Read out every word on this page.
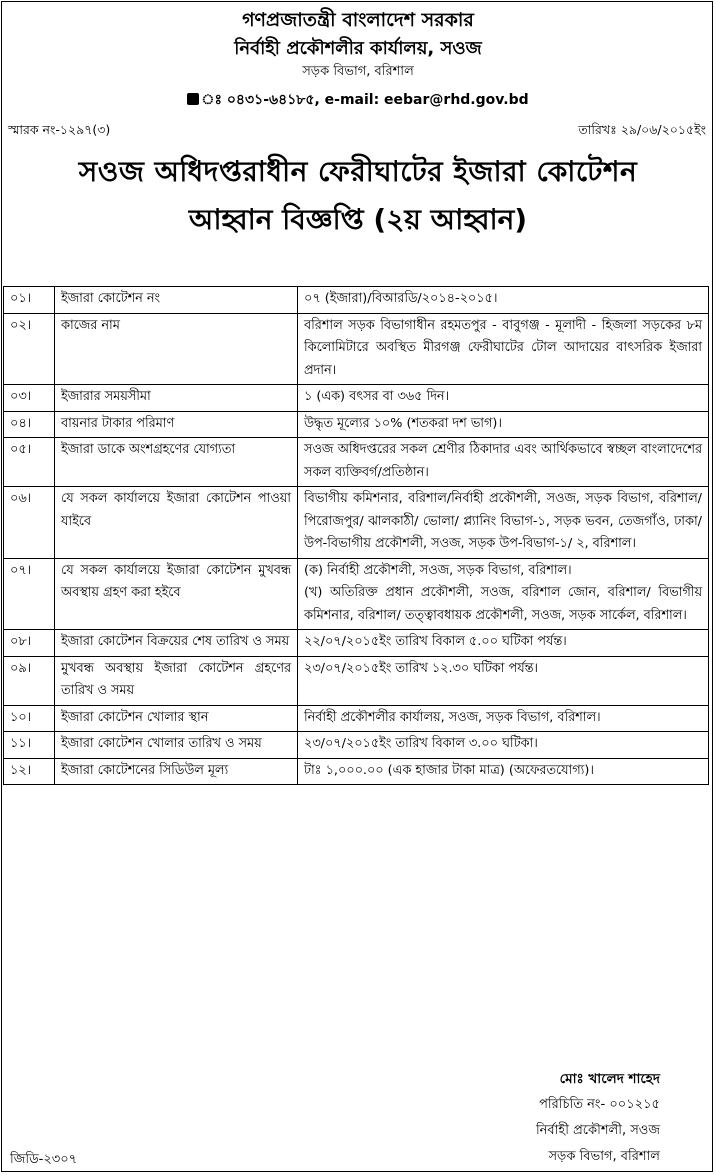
গণপ্রজাতন্ত্রী বাংলাদেশ সরকার
নির্বাহী প্রকৌশলীর কার্যালয়, সওজ
সড়ক বিভাগ, বরিশাল
ঃ ০৪৩১-৬৪১৮৫, e-mail: eebar@rhd.gov.bd
স্মারক নং-১২৯৭(৩)	তারিখঃ ২৯/০৬/২০১৫ইং
সওজ অধিদপ্তরাধীন ফেরীঘাটের ইজারা কোটেশন
আহ্বান বিজ্ঞপ্তি (২য় আহ্বান)
০১।	ইজারা কোটেশন নং	০৭ (ইজারা)/বিআরডি/২০১৪-২০১৫।

০২।	কাজের নাম	বরিশাল সড়ক বিভাগাধীন রহমতপুর - বাবুগঞ্জ - মূলাদী - হিজলা সড়কের ৮ম কিলোমিটারে অবস্থিত মীরগঞ্জ ফেরীঘাটের টোল আদায়ের বাৎসরিক ইজারা প্রদান।

০৩।	ইজারার সময়সীমা	১ (এক) বৎসর বা ৩৬৫ দিন।

০৪।	বায়নার টাকার পরিমাণ	উদ্ধৃত মূল্যের ১০% (শতকরা দশ ভাগ)।

০৫।	ইজারা ডাকে অংশগ্রহণের যোগ্যতা	সওজ অধিদপ্তরের সকল শ্রেণীর ঠিকাদার এবং আর্থিকভাবে স্বচ্ছল বাংলাদেশের সকল ব্যক্তিবর্গ/প্রতিষ্ঠান।

০৬।	যে সকল কার্যালয়ে ইজারা কোটেশন পাওয়া যাইবে	বিভাগীয় কমিশনার, বরিশাল/নির্বাহী প্রকৌশলী, সওজ, সড়ক বিভাগ, বরিশাল/ পিরোজপুর/ ঝালকাঠী/ ভোলা/ প্ল্যানিং বিভাগ-১, সড়ক ভবন, তেজগাঁও, ঢাকা/ উপ-বিভাগীয় প্রকৌশলী, সওজ, সড়ক উপ-বিভাগ-১/ ২, বরিশাল।

০৭।	যে সকল কার্যালয়ে ইজারা কোটেশন মুখবন্ধ অবস্থায় গ্রহণ করা হইবে	(ক) নির্বাহী প্রকৌশলী, সওজ, সড়ক বিভাগ, বরিশাল।
(খ) অতিরিক্ত প্রধান প্রকৌশলী, সওজ, বরিশাল জোন, বরিশাল/ বিভাগীয় কমিশনার, বরিশাল/ তত্ত্বাবধায়ক প্রকৌশলী, সওজ, সড়ক সার্কেল, বরিশাল।

০৮।	ইজারা কোটেশন বিক্রয়ের শেষ তারিখ ও সময়	২২/০৭/২০১৫ইং তারিখ বিকাল ৫.০০ ঘটিকা পর্যন্ত।

০৯।	মুখবন্ধ অবস্থায় ইজারা কোটেশন গ্রহণের তারিখ ও সময়	২৩/০৭/২০১৫ইং তারিখ ১২.৩০ ঘটিকা পর্যন্ত।

১০।	ইজারা কোটেশন খোলার স্থান	নির্বাহী প্রকৌশলীর কার্যালয়, সওজ, সড়ক বিভাগ, বরিশাল।

১১।	ইজারা কোটেশন খোলার তারিখ ও সময়	২৩/০৭/২০১৫ইং তারিখ বিকাল ৩.০০ ঘটিকা।

১২।	ইজারা কোটেশনের সিডিউল মূল্য	টাঃ ১,০০০.০০ (এক হাজার টাকা মাত্র) (অফেরতযোগ্য)।
মোঃ খালেদ শাহেদ
পরিচিতি নং- ০০১২১৫
নির্বাহী প্রকৌশলী, সওজ
সড়ক বিভাগ, বরিশাল
জিডি-২৩০৭
